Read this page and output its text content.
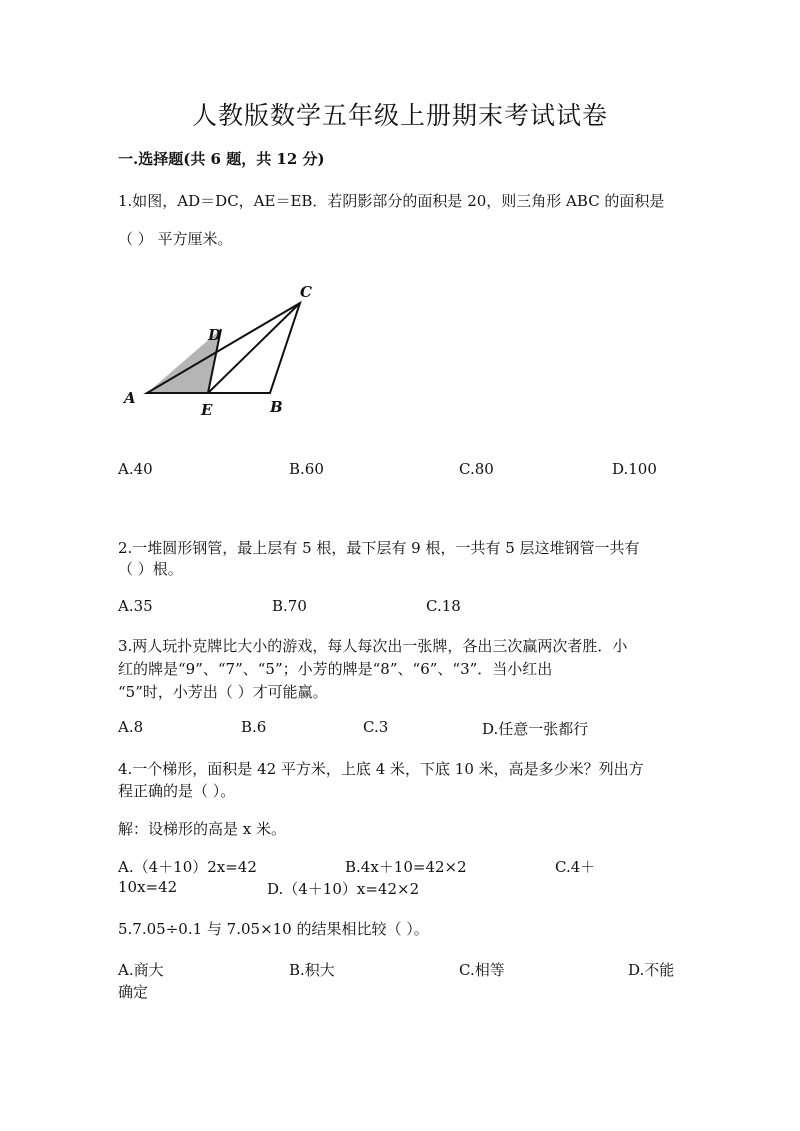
人教版数学五年级上册期末考试试卷
一.选择题(共 6 题，共 12 分)
1.如图，AD＝DC，AE＝EB．若阴影部分的面积是 20，则三角形 ABC 的面积是
（ ） 平方厘米。
A	B
C
D
E
A.40	B.60	C.80	D.100
2.一堆圆形钢管，最上层有 5 根，最下层有 9 根，一共有 5 层这堆钢管一共有
（ ）根。
A.35	B.70	C.18
3.两人玩扑克牌比大小的游戏，每人每次出一张牌，各出三次赢两次者胜．小
红的牌是“9”、“7”、“5”；小芳的牌是“8”、“6”、“3”．当小红出
“5”时，小芳出（ ）才可能赢。
A.8	B.6	C.3	D.任意一张都行
4.一个梯形，面积是 42 平方米，上底 4 米，下底 10 米，高是多少米？列出方
程正确的是（ ）。
解：设梯形的高是 x 米。
A.（4＋10）2x=42	B.4x＋10=42×2	C.4＋
10x=42	D.（4＋10）x=42×2
5.7.05÷0.1 与 7.05×10 的结果相比较（ ）。
A.商大	B.积大	C.相等	D.不能
确定
